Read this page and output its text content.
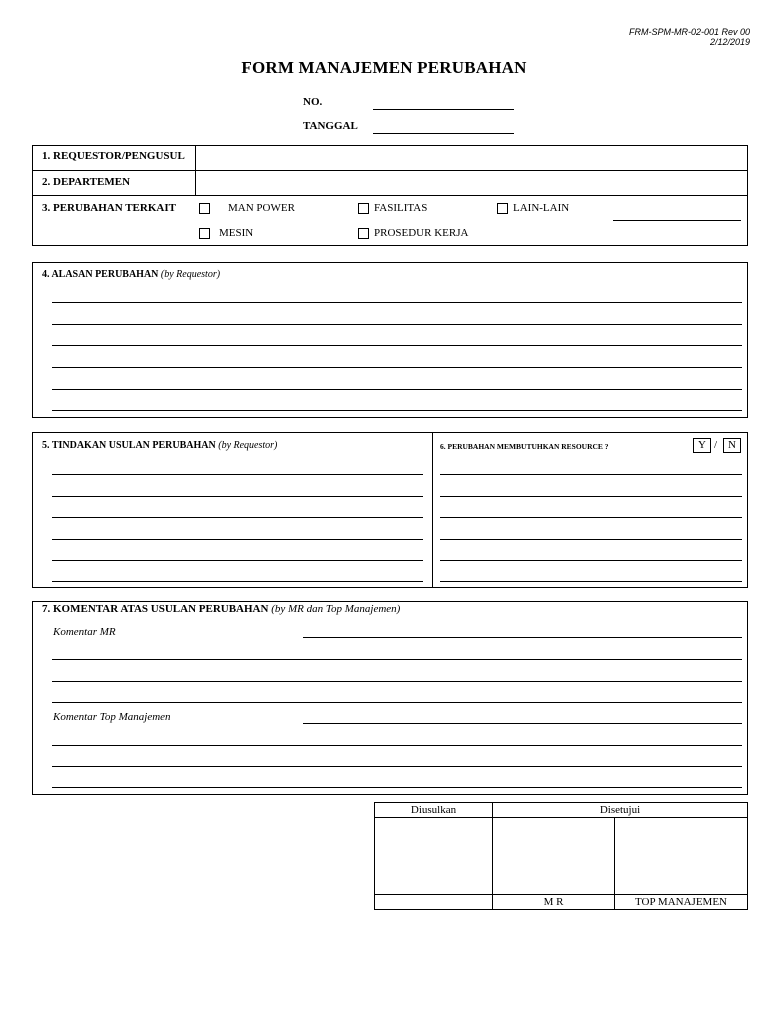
FRM-SPM-MR-02-001 Rev 00
2/12/2019
FORM MANAJEMEN PERUBAHAN
NO.
TANGGAL
1. REQUESTOR/PENGUSUL
2. DEPARTEMEN
3. PERUBAHAN TERKAIT	MAN POWER	FASILITAS	LAIN-LAIN
MESIN	PROSEDUR KERJA
4. ALASAN PERUBAHAN (by Requestor)
5. TINDAKAN USULAN PERUBAHAN (by Requestor)	6. PERUBAHAN MEMBUTUHKAN RESOURCE ?	Y / N
7. KOMENTAR ATAS USULAN PERUBAHAN (by MR dan Top Manajemen)
Komentar MR
Komentar Top Manajemen
Diusulkan	Disetujui	

	M R	TOP MANAJEMEN
